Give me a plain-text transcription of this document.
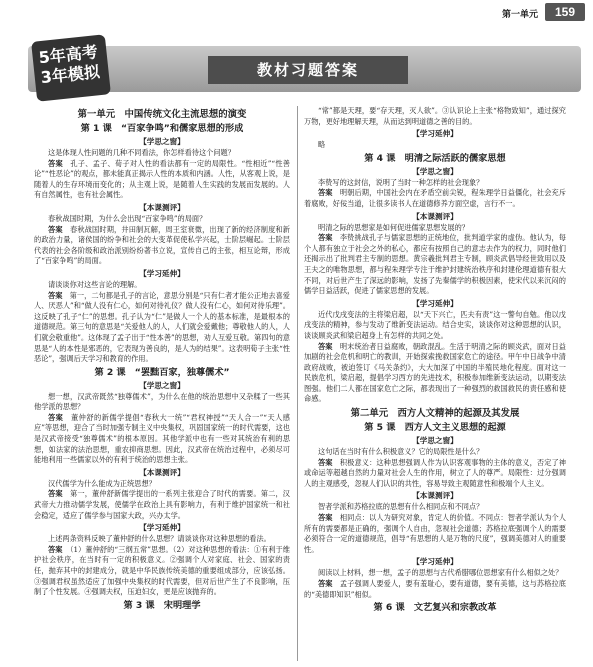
第一单元	159
5年高考
3年模拟	教材习题答案
第一单元　中国传统文化主流思想的演变
第 1 课　“百家争鸣”和儒家思想的形成
【学思之窗】
这是体现人性问题的几种不同看法，你怎样看待这个问题？
答案　孔子、孟子、荀子对人性的看法都有一定的局限性。“性相近”“性善论”“性恶论”的观点，都未能真正揭示人性的本质和内涵。人性，从客观上说，是随着人的生存环境而变化的；从主观上说，是随着人生实践的发展而发展的。人有自然属性，也有社会属性。
【本课测评】
春秋战国时期，为什么会出现“百家争鸣”的局面？
答案　春秋战国时期，井田制瓦解，周王室衰微，出现了新的经济制度和新的政治力量，诸侯国的纷争和社会的大变革促使私学兴起，士阶层崛起。士阶层代表的社会各阶级和政治派别纷纷著书立说，宣传自己的主张，相互论辩，形成了“百家争鸣”的局面。
【学习延伸】
请谈谈你对这些言论的理解。
答案　第一，二句都是孔子的言论，意思分别是“只有仁者才能公正地去喜爱人、厌恶人”和“做人没有仁心，如何对待礼仪？做人没有仁心，如何对待乐理”。这反映了孔子“仁”的思想。孔子认为“仁”是做人一个人的基本标准，是最根本的道德规范。第三句的意思是“关爱他人的人，人们就会爱戴他；尊敬他人的人，人们就会敬重他”。这体现了孟子出于“性本善”的思想，劝人互爱互敬。第四句的意思是“人的本性是邪恶的，它表现为善良的，是人为的结果”。这表明荀子主张“性恶论”，强调后天学习和教育的作用。
第 2 课　“罢黜百家，独尊儒术”
【学思之窗】
想一想，汉武帝既然“独尊儒术”，为什么在他的统治思想中又杂糅了一些其他学派的思想？
答案　董仲舒的新儒学提倡“春秋大一统”“君权神授”“天人合一”“天人感应”等思想，迎合了当时加强专制主义中央集权，巩固国家统一的时代需要，这也是汉武帝接受“独尊儒术”的根本原因。其他学派中也有一些对其统治有利的思想，如法家的法治思想，重农抑商思想。因此，汉武帝在统治过程中，必须尽可能地利用一些儒家以外的有利于统治的思想主张。
【本课测评】
汉代儒学为什么能成为正统思想？
答案　第一，董仲舒新儒学提出的一系列主张迎合了时代的需要。第二，汉武帝大力推动儒学发展，使儒学在政治上具有影响力，有利于维护国家统一和社会稳定，适应了儒学参与国家大政，兴办太学。
【学习延伸】
上述两条资料反映了董仲舒的什么思想？请谈谈你对这种思想的看法。
答案　（1）董仲舒的“三纲五常”思想。（2）对这种思想的看法：①有利于维护社会秩序，在当时有一定的积极意义。②强调个人对家庭、社会、国家的责任，抛弃其中的封建成分，就是中华民族传统美德的重要组成部分，应该弘扬。③强调君权虽然适应了加强中央集权的时代需要，但对后世产生了不良影响，压制了个性发展。④强调夫权，压迫妇女，更是应该抛弃的。
第 3 课　宋明理学
“常”都是天理，要“存天理，灭人欲”。③认识论上主张“格物致知”，通过探究万物，更好地理解天理，从而达到明道德之善的目的。
【学习延伸】
略
第 4 课　明清之际活跃的儒家思想
【学思之窗】
李贽写的这封信，说明了当时一种怎样的社会现象？
答案　明朝后期，中国社会内在矛盾空前尖锐，程朱理学日益僵化，社会充斥着腐败，好佞当道，让很多读书人在道德修养方面空虚，言行不一。
【本课测评】
明清之际的思想家是如何促进儒家思想发展的？
答案　李贽挑战孔子与儒家思想的正统地位，批判道学家的虚伪。他认为，每个人都有独立于社会之外的私心，都应有按照自己的意志去作为的权力，同时他们还揭示出了批判君主专制的思想。黄宗羲批判君主专制，顾炎武倡导经世致用以及王夫之的唯物思想，都与程朱理学专注于维护封建统治秩序和封建伦理道德有很大不同，对后世产生了深远的影响，发扬了先秦儒学的积极因素，使宋代以来沉闷的儒学日益活跃，促进了儒家思想的发展。
【学习延伸】
近代戊戌变法的主将梁启超，以“天下兴亡，匹夫有责”这一警句自勉。他以戊戌变法的精神，参与发动了维新变法运动。结合史实，谈谈你对这种思想的认识，谈谈顾炎武和梁启超身上有怎样的共同之处。
答案　明末统治者日益腐败，朝政混乱。生活于明清之际的顾炎武，面对日益加剧的社会危机和明亡的教训，开始探索挽救国家危亡的途径。甲午中日战争中清政府战败，被迫签订《马关条约》，大大加深了中国的半殖民地化程度。面对这一民族危机，梁启超，提倡学习西方的先进技术，积极参加维新变法运动，以期变法图强。他们二人都在国家危亡之际，都表现出了一种强烈的救国救民的责任感和使命感。
第二单元　西方人文精神的起源及其发展
第 5 课　西方人文主义思想的起源
【学思之窗】
这句话在当时有什么积极意义？它的局限性是什么？
答案　积极意义：这种思想强调人作为认识客观事物的主体的意义，否定了神或命运等超越自然的力量对社会人生的作用，树立了人的尊严。局限性：过分强调人的主观感受，忽视人们认识的共性，容易导致主观随意性和极端个人主义。
【本课测评】
智者学派和苏格拉底的思想有什么相同点和不同点？
答案　相同点：以人为研究对象，肯定人的价值。不同点：智者学派认为个人所有的需要都是正确的，强调个人自由，忽视社会道德；苏格拉底强调个人的需要必须符合一定的道德规范，倡导“有思想的人是万物的尺度”，强调美德对人的重要性。
【学习延伸】
阅读以上材料，想一想，孟子的思想与古代希腊哪位思想家有什么相似之处？
答案　孟子强调人要爱人，要有羞耻心，要有道德，要有美德，这与苏格拉底的“美德即知识”相似。
第 6 课　文艺复兴和宗教改革
